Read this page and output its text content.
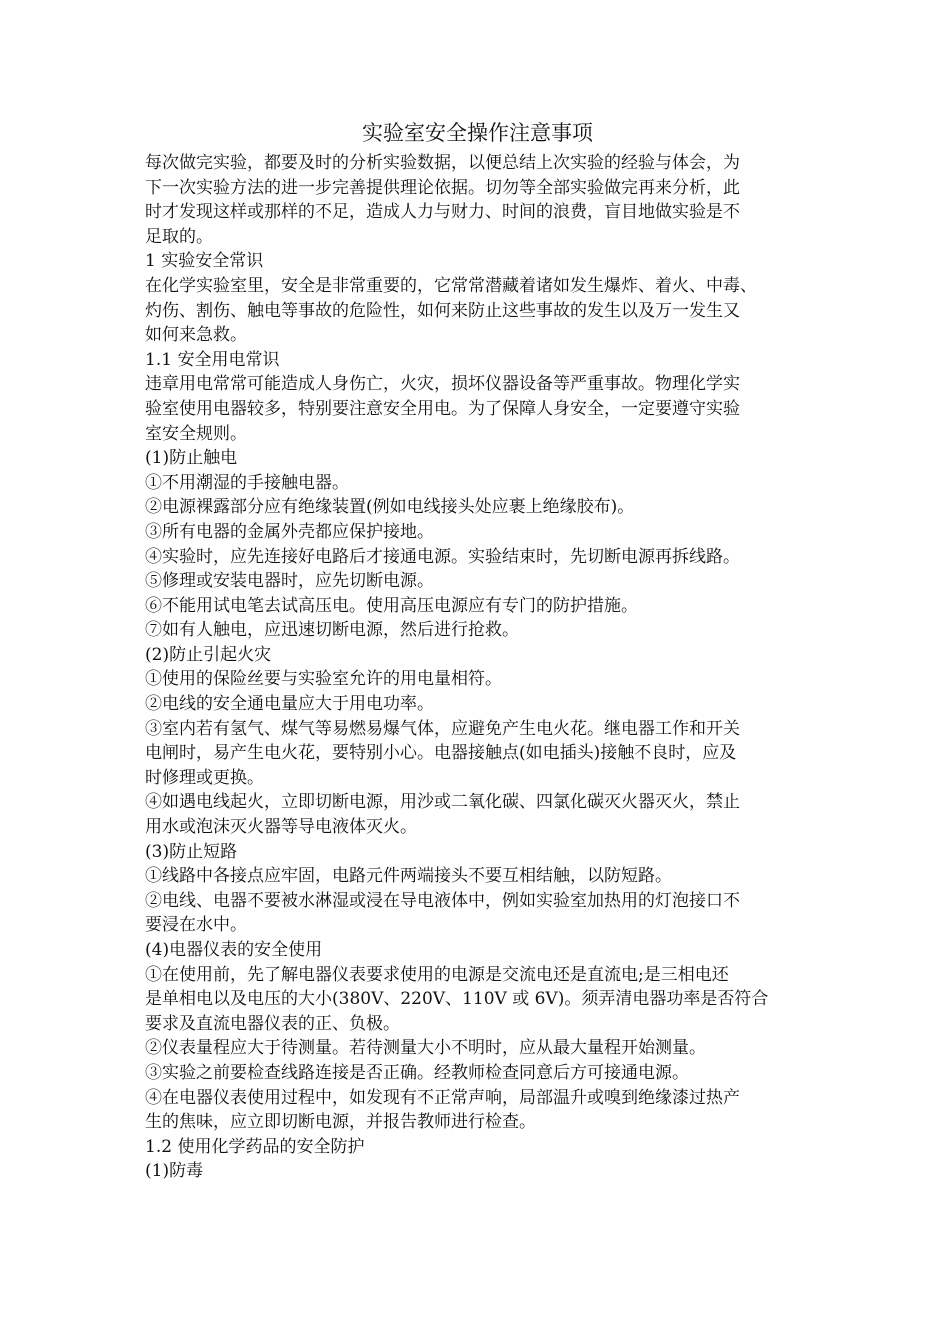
实验室安全操作注意事项

每次做完实验，都要及时的分析实验数据，以便总结上次实验的经验与体会，为

下一次实验方法的进一步完善提供理论依据。切勿等全部实验做完再来分析，此

时才发现这样或那样的不足，造成人力与财力、时间的浪费，盲目地做实验是不

足取的。

1 实验安全常识

在化学实验室里，安全是非常重要的，它常常潜藏着诸如发生爆炸、着火、中毒、

灼伤、割伤、触电等事故的危险性，如何来防止这些事故的发生以及万一发生又

如何来急救。

1.1 安全用电常识

违章用电常常可能造成人身伤亡，火灾，损坏仪器设备等严重事故。物理化学实

验室使用电器较多，特别要注意安全用电。为了保障人身安全，一定要遵守实验

室安全规则。

(1)防止触电

①不用潮湿的手接触电器。

②电源裸露部分应有绝缘装置(例如电线接头处应裹上绝缘胶布)。

③所有电器的金属外壳都应保护接地。

④实验时，应先连接好电路后才接通电源。实验结束时，先切断电源再拆线路。

⑤修理或安装电器时，应先切断电源。

⑥不能用试电笔去试高压电。使用高压电源应有专门的防护措施。

⑦如有人触电，应迅速切断电源，然后进行抢救。

(2)防止引起火灾

①使用的保险丝要与实验室允许的用电量相符。

②电线的安全通电量应大于用电功率。

③室内若有氢气、煤气等易燃易爆气体，应避免产生电火花。继电器工作和开关

电闸时，易产生电火花，要特别小心。电器接触点(如电插头)接触不良时，应及

时修理或更换。

④如遇电线起火，立即切断电源，用沙或二氧化碳、四氯化碳灭火器灭火，禁止

用水或泡沫灭火器等导电液体灭火。

(3)防止短路

①线路中各接点应牢固，电路元件两端接头不要互相结触，以防短路。

②电线、电器不要被水淋湿或浸在导电液体中，例如实验室加热用的灯泡接口不

要浸在水中。

(4)电器仪表的安全使用

①在使用前，先了解电器仪表要求使用的电源是交流电还是直流电;是三相电还

是单相电以及电压的大小(380V、220V、110V 或 6V)。须弄清电器功率是否符合

要求及直流电器仪表的正、负极。

②仪表量程应大于待测量。若待测量大小不明时，应从最大量程开始测量。

③实验之前要检查线路连接是否正确。经教师检查同意后方可接通电源。

④在电器仪表使用过程中，如发现有不正常声响，局部温升或嗅到绝缘漆过热产

生的焦味，应立即切断电源，并报告教师进行检查。

1.2 使用化学药品的安全防护

(1)防毒
